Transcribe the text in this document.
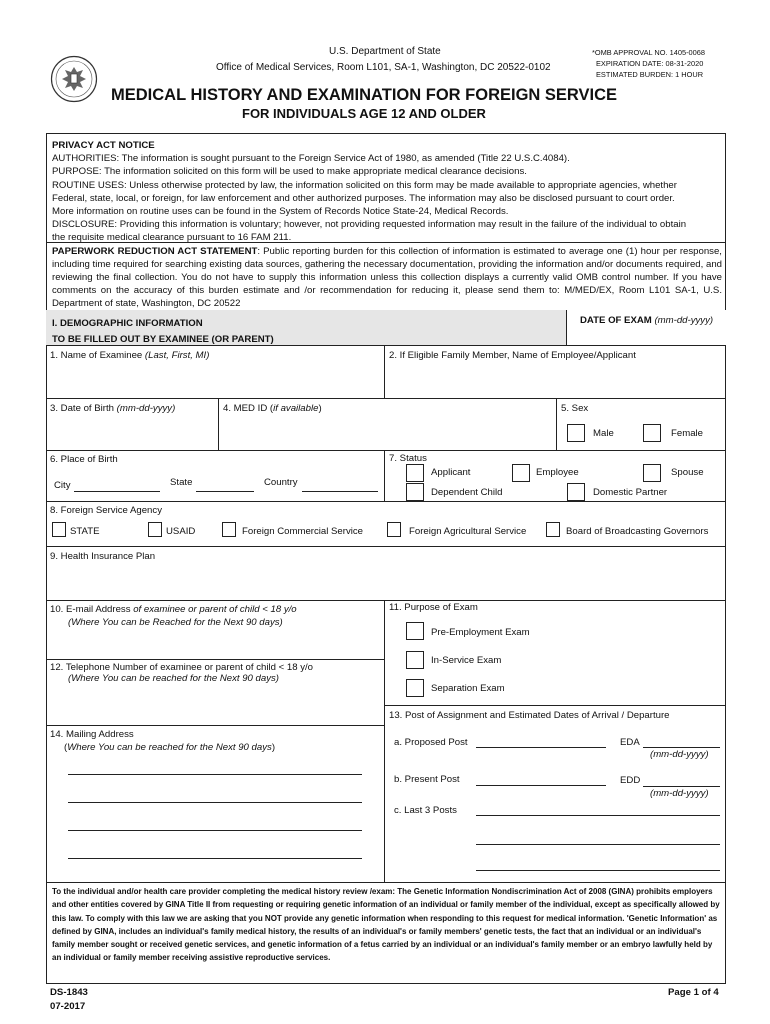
U.S. Department of State
Office of Medical Services, Room L101, SA-1, Washington, DC 20522-0102
*OMB APPROVAL NO. 1405-0068
EXPIRATION DATE: 08-31-2020
ESTIMATED BURDEN: 1 HOUR
MEDICAL HISTORY AND EXAMINATION FOR FOREIGN SERVICE
FOR INDIVIDUALS AGE 12 AND OLDER
PRIVACY ACT NOTICE
AUTHORITIES: The information is sought pursuant to the Foreign Service Act of 1980, as amended (Title 22 U.S.C.4084).
PURPOSE: The information solicited on this form will be used to make appropriate medical clearance decisions.
ROUTINE USES: Unless otherwise protected by law, the information solicited on this form may be made available to appropriate agencies, whether
Federal, state, local, or foreign, for law enforcement and other authorized purposes. The information may also be disclosed pursuant to court order.
More information on routine uses can be found in the System of Records Notice State-24, Medical Records.
DISCLOSURE: Providing this information is voluntary; however, not providing requested information may result in the failure of the individual to obtain
the requisite medical clearance pursuant to 16 FAM 211.
PAPERWORK REDUCTION ACT STATEMENT: Public reporting burden for this collection of information is estimated to average one (1) hour per response, including time required for searching existing data sources, gathering the necessary documentation, providing the information and/or documents required, and reviewing the final collection. You do not have to supply this information unless this collection displays a currently valid OMB control number. If you have comments on the accuracy of this burden estimate and /or recommendation for reducing it, please send them to: M/MED/EX, Room L101 SA-1, U.S. Department of state, Washington, DC 20522
I. DEMOGRAPHIC INFORMATION
TO BE FILLED OUT BY EXAMINEE (OR PARENT)
DATE OF EXAM (mm-dd-yyyy)
1. Name of Examinee (Last, First, MI)	2. If Eligible Family Member, Name of Employee/Applicant
3. Date of Birth (mm-dd-yyyy)	4. MED ID (if available)	5. Sex
Male	Female
6. Place of Birth
City	State	Country
7. Status
Applicant	Employee	Spouse
Dependent Child	Domestic Partner
8. Foreign Service Agency
STATE	USAID	Foreign Commercial Service	Foreign Agricultural Service	Board of Broadcasting Governors
9. Health Insurance Plan
10. E-mail Address of examinee or parent of child < 18 y/o
(Where You can be Reached for the Next 90 days)
12. Telephone Number of examinee or parent of child < 18 y/o
(Where You can be reached for the Next 90 days)
14. Mailing Address
(Where You can be reached for the Next 90 days)
11. Purpose of Exam
Pre-Employment Exam
In-Service Exam
Separation Exam
13. Post of Assignment and Estimated Dates of Arrival / Departure
a. Proposed Post	EDA
(mm-dd-yyyy)
b. Present Post	EDD
(mm-dd-yyyy)
c. Last 3 Posts
To the individual and/or health care provider completing the medical history review /exam: The Genetic Information Nondiscrimination Act of 2008 (GINA) prohibits employers and other entities covered by GINA Title II from requesting or requiring genetic information of an individual or family member of the individual, except as specifically allowed by this law. To comply with this law we are asking that you NOT provide any genetic information when responding to this request for medical information. 'Genetic Information' as defined by GINA, includes an individual's family medical history, the results of an individual's or family members' genetic tests, the fact that an individual or an individual's family member sought or received genetic services, and genetic information of a fetus carried by an individual or an individual's family member or an embryo lawfully held by an individual or family member receiving assistive reproductive services.
DS-1843
07-2017
Page 1 of 4
